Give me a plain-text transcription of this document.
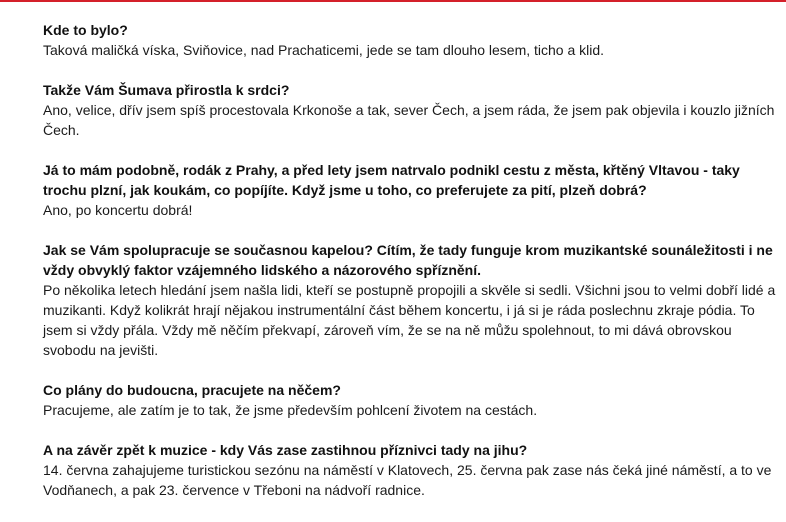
Kde to bylo?

Taková maličká víska, Sviňovice, nad Prachaticemi, jede se tam dlouho lesem, ticho a klid.

Takže Vám Šumava přirostla k srdci?

Ano, velice, dřív jsem spíš procestovala Krkonoše a tak, sever Čech, a jsem ráda, že jsem pak objevila i kouzlo jižních Čech.

Já to mám podobně, rodák z Prahy, a před lety jsem natrvalo podnikl cestu z města, křtěný Vltavou - taky trochu plzní, jak koukám, co popíjíte. Když jsme u toho, co preferujete za pití, plzeň dobrá?

Ano, po koncertu dobrá!

Jak se Vám spolupracuje se současnou kapelou? Cítím, že tady funguje krom muzikantské sounáležitosti i ne vždy obvyklý faktor vzájemného lidského a názorového spříznění.

Po několika letech hledání jsem našla lidi, kteří se postupně propojili a skvěle si sedli. Všichni jsou to velmi dobří lidé a muzikanti. Když kolikrát hrají nějakou instrumentální část během koncertu, i já si je ráda poslechnu zkraje pódia. To jsem si vždy přála. Vždy mě něčím překvapí, zároveň vím, že se na ně můžu spolehnout, to mi dává obrovskou svobodu na jevišti.

Co plány do budoucna, pracujete na něčem?

Pracujeme, ale zatím je to tak, že jsme především pohlcení životem na cestách.

A na závěr zpět k muzice - kdy Vás zase zastihnou příznivci tady na jihu?

14. června zahajujeme turistickou sezónu na náměstí v Klatovech, 25. června pak zase nás čeká jiné náměstí, a to ve Vodňanech, a pak 23. července v Třeboni na nádvoří radnice.
